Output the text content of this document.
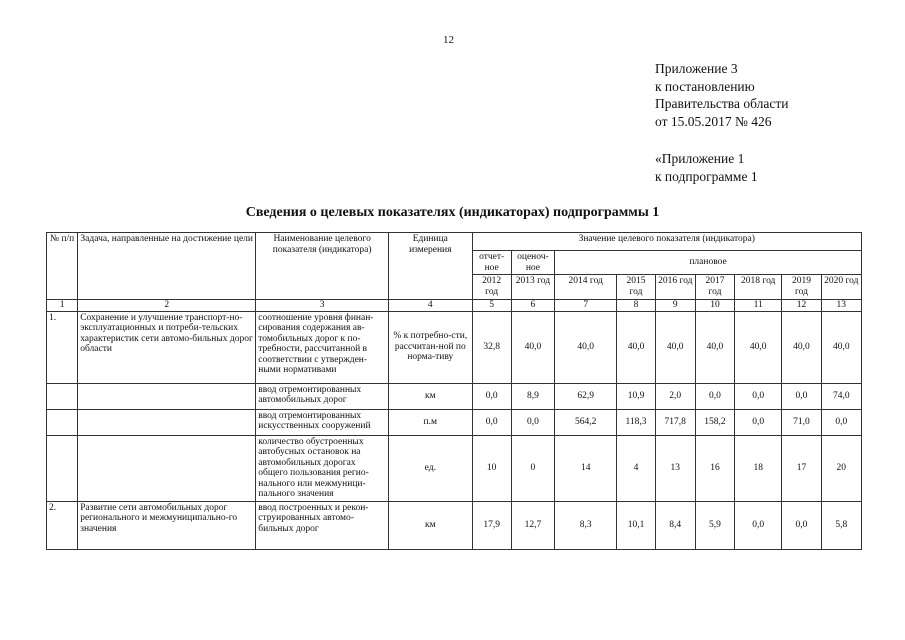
12
Приложение 3
к постановлению
Правительства области
от 15.05.2017 № 426
«Приложение 1
к подпрограмме 1
Сведения о целевых показателях (индикаторах) подпрограммы 1
№ п/п	Задача, направленные на достижение цели	Наименование целевого показателя (индикатора)	Единица измерения	Значение целевого показателя (индикатора)								
				отчет-ное	оценоч-ное	плановое						
				2012 год	2013 год	2014 год	2015 год	2016 год	2017 год	2018 год	2019 год	2020 год
1	2	3	4	5	6	7	8	9	10	11	12	13
1.	Сохранение и улучшение транспорт-но-эксплуатационных и потреби-тельских характеристик сети автомо-бильных дорог области	соотношение уровня финан-сирования содержания ав-томобильных дорог к по-требности, рассчитанной в соответствии с утвержден-ными нормативами	% к потребно-сти, рассчитан-ной по норма-тиву	32,8	40,0	40,0	40,0	40,0	40,0	40,0	40,0	40,0
		ввод отремонтированных автомобильных дорог	км	0,0	8,9	62,9	10,9	2,0	0,0	0,0	0,0	74,0
		ввод отремонтированных искусственных сооружений	п.м	0,0	0,0	564,2	118,3	717,8	158,2	0,0	71,0	0,0
		количество обустроенных автобусных остановок на автомобильных дорогах общего пользования регио-нального или межмуници-пального значения	ед.	10	0	14	4	13	16	18	17	20
2.	Развитие сети автомобильных дорог регионального и межмуниципально-го значения	ввод построенных и рекон-струированных автомо-бильных дорог	км	17,9	12,7	8,3	10,1	8,4	5,9	0,0	0,0	5,8
